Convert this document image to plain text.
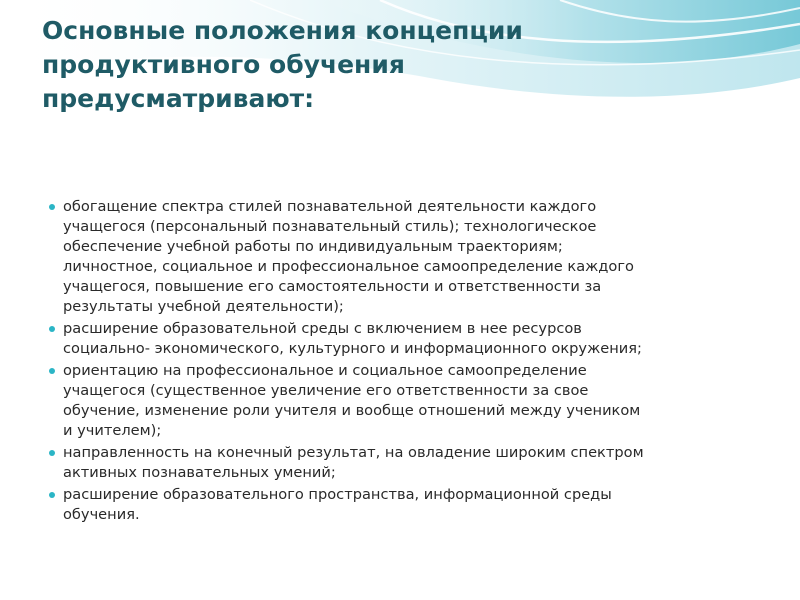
Основные положения концепции
продуктивного обучения
предусматривают:
обогащение спектра стилей познавательной деятельности каждого
учащегося (персональный познавательный стиль); технологическое
обеспечение учебной работы по индивидуальным траекториям;
личностное, социальное и профессиональное самоопределение каждого
учащегося, повышение его самостоятельности и ответственности за
результаты учебной деятельности);
расширение образовательной среды с включением в нее ресурсов
социально- экономического, культурного и информационного окружения;
ориентацию на профессиональное и социальное самоопределение
учащегося (существенное увеличение его ответственности за свое
обучение, изменение роли учителя и вообще отношений между учеником
и учителем);
направленность на конечный результат, на овладение широким спектром
активных познавательных умений;
расширение образовательного пространства, информационной среды
обучения.
